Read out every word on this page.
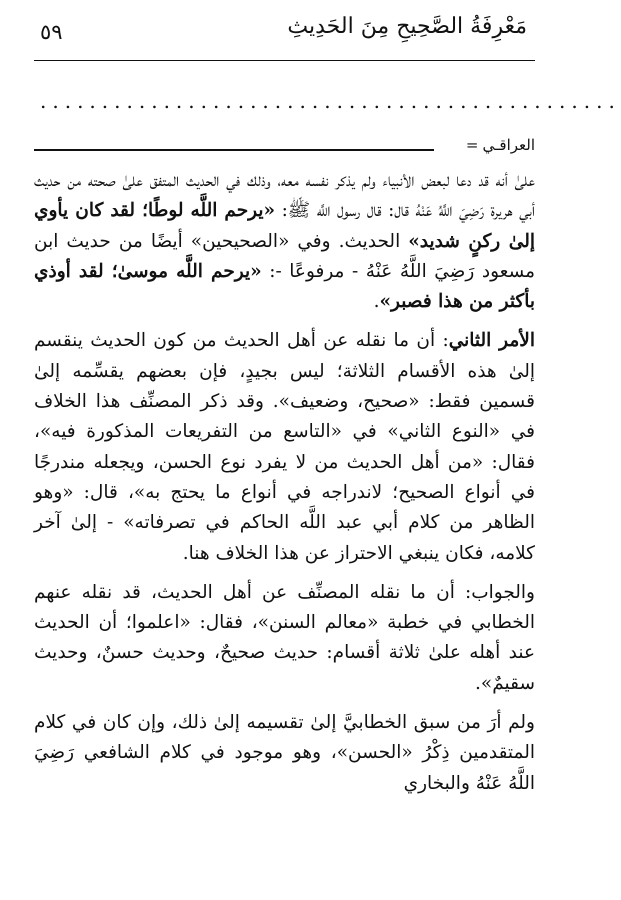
مَعْرِفَةُ الصَّحِيحِ مِنَ الحَدِيثِ
٥٩
...............................................
العراقـي
=

علىٰ أنه قد دعا لبعض الأنبياء ولم يذكر نفسه معه، وذلك في الحديث المتفق علىٰ صحته من حديث أبي هريرة رَضِيَ اللَّهُ عَنْهُ قال: قال رسول اللَّه ﷺ: «يرحم اللَّه لوطًا؛ لقد كان يأوي إلىٰ ركنٍ شديد» الحديث. وفي «الصحيحين» أيضًا من حديث ابن مسعود رَضِيَ اللَّهُ عَنْهُ - مرفوعًا -: «يرحم اللَّه موسىٰ؛ لقد أوذي بأكثر من هذا فصبر».

الأمر الثاني: أن ما نقله عن أهل الحديث من كون الحديث ينقسم إلىٰ هذه الأقسام الثلاثة؛ ليس بجيدٍ، فإن بعضهم يقسِّمه إلىٰ قسمين فقط: «صحيح، وضعيف». وقد ذكر المصنِّف هذا الخلاف في «النوع الثاني» في «التاسع من التفريعات المذكورة فيه»، فقال: «من أهل الحديث من لا يفرد نوع الحسن، ويجعله مندرجًا في أنواع الصحيح؛ لاندراجه في أنواع ما يحتج به»، قال: «وهو الظاهر من كلام أبي عبد اللَّه الحاكم في تصرفاته» - إلىٰ آخر كلامه، فكان ينبغي الاحتراز عن هذا الخلاف هنا.

والجواب: أن ما نقله المصنِّف عن أهل الحديث، قد نقله عنهم الخطابي في خطبة «معالم السنن»، فقال: «اعلموا؛ أن الحديث عند أهله علىٰ ثلاثة أقسام: حديث صحيحٌ، وحديث حسنٌ، وحديث سقيمٌ».

ولم أرَ من سبق الخطابيَّ إلىٰ تقسيمه إلىٰ ذلك، وإن كان في كلام المتقدمين ذِكْرُ «الحسن»، وهو موجود في كلام الشافعي رَضِيَ اللَّهُ عَنْهُ والبخاري
